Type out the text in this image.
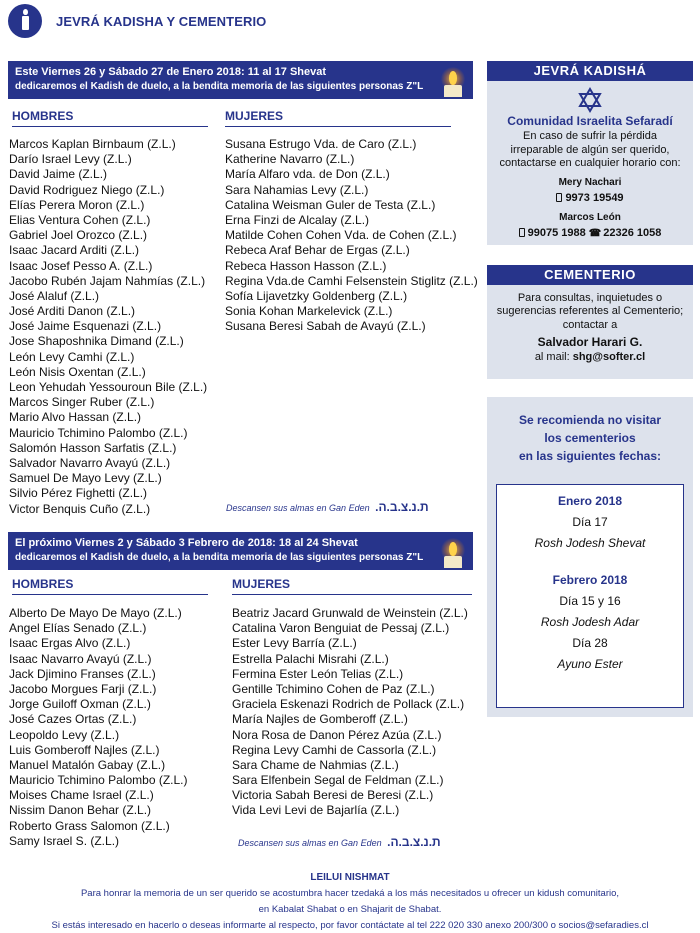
JEVRÁ KADISHA Y CEMENTERIO
Este Viernes 26 y Sábado 27 de Enero 2018: 11 al 17 Shevat
dedicaremos el Kadish de duelo, a la bendita memoria de las siguientes personas Z"L
HOMBRES	MUJERES
Marcos Kaplan Birnbaum (Z.L.)
Darío Israel Levy (Z.L.)
David Jaime (Z.L.)
David Rodriguez Niego (Z.L.)
Elías Perera Moron (Z.L.)
Elias Ventura Cohen (Z.L.)
Gabriel Joel Orozco (Z.L.)
Isaac Jacard Arditi (Z.L.)
Isaac Josef Pesso A. (Z.L.)
Jacobo Rubén Jajam Nahmías (Z.L.)
José Alaluf (Z.L.)
José Arditi Danon (Z.L.)
José Jaime Esquenazi (Z.L.)
Jose Shaposhnika Dimand (Z.L.)
León Levy Camhi (Z.L.)
León Nisis Oxentan (Z.L.)
Leon Yehudah Yessouroun Bile (Z.L.)
Marcos Singer Ruber (Z.L.)
Mario Alvo Hassan (Z.L.)
Mauricio Tchimino Palombo (Z.L.)
Salomón Hasson Sarfatis (Z.L.)
Salvador Navarro Avayú (Z.L.)
Samuel De Mayo Levy (Z.L.)
Silvio Pérez Fighetti (Z.L.)
Victor Benquis Cuño (Z.L.)
Susana Estrugo Vda. de Caro (Z.L.)
Katherine Navarro (Z.L.)
María Alfaro vda. de Don (Z.L.)
Sara Nahamias Levy (Z.L.)
Catalina Weisman Guler de Testa (Z.L.)
Erna Finzi de Alcalay (Z.L.)
Matilde Cohen Cohen Vda. de Cohen (Z.L.)
Rebeca Araf Behar de Ergas (Z.L.)
Rebeca Hasson Hasson (Z.L.)
Regina Vda.de Camhi Felsenstein Stiglitz (Z.L.)
Sofía Lijavetzky Goldenberg (Z.L.)
Sonia Kohan Markelevick (Z.L.)
Susana Beresi Sabah de Avayú (Z.L.)
Descansen sus almas en Gan Eden ת.נ.צ.ב.ה.
El próximo Viernes 2 y Sábado 3 Febrero de 2018: 18 al 24 Shevat
dedicaremos el Kadish de duelo, a la bendita memoria de las siguientes personas Z"L
HOMBRES	MUJERES
Alberto De Mayo De Mayo (Z.L.)
Angel Elías Senado (Z.L.)
Isaac Ergas Alvo (Z.L.)
Isaac Navarro Avayú (Z.L.)
Jack Djimino Franses (Z.L.)
Jacobo Morgues Farji (Z.L.)
Jorge Guiloff Oxman (Z.L.)
José Cazes Ortas (Z.L.)
Leopoldo Levy (Z.L.)
Luis Gomberoff Najles (Z.L.)
Manuel Matalón Gabay (Z.L.)
Mauricio Tchimino Palombo (Z.L.)
Moises Chame Israel (Z.L.)
Nissim Danon Behar (Z.L.)
Roberto Grass Salomon (Z.L.)
Samy Israel S. (Z.L.)
Beatriz Jacard Grunwald de Weinstein (Z.L.)
Catalina Varon Benguiat de Pessaj (Z.L.)
Ester Levy Barría (Z.L.)
Estrella Palachi Misrahi (Z.L.)
Fermina Ester León Telias (Z.L.)
Gentille Tchimino Cohen de Paz (Z.L.)
Graciela Eskenazi Rodrich de Pollack (Z.L.)
María Najles de Gomberoff (Z.L.)
Nora Rosa de Danon Pérez Azúa (Z.L.)
Regina Levy Camhi de Cassorla (Z.L.)
Sara Chame de Nahmias (Z.L.)
Sara Elfenbein Segal de Feldman (Z.L.)
Victoria Sabah Beresi de Beresi (Z.L.)
Vida Levi Levi de Bajarlía (Z.L.)
Descansen sus almas en Gan Eden ת.נ.צ.ב.ה.
JEVRÁ KADISHÁ
Comunidad Israelita Sefaradí
En caso de sufrir la pérdida
irreparable de algún ser querido,
contactarse en cualquier horario con:
Mery Nachari
9973 19549
Marcos León
99075 1988 ☎ 22326 1058
CEMENTERIO
Para consultas, inquietudes o
sugerencias referentes al Cementerio;
contactar a
Salvador Harari G.
al mail: shg@softer.cl
Se recomienda no visitar
los cementerios
en las siguientes fechas:
Enero 2018
Día 17
Rosh Jodesh Shevat
Febrero 2018
Día 15 y 16
Rosh Jodesh Adar
Día 28
Ayuno Ester
LEILUI NISHMAT
Para honrar la memoria de un ser querido se acostumbra hacer tzedaká a los más necesitados u ofrecer un kidush comunitario,
en Kabalat Shabat o en Shajarit de Shabat.
Si estás interesado en hacerlo o deseas informarte al respecto, por favor contáctate al tel 222 020 330 anexo 200/300 o socios@sefaradies.cl
